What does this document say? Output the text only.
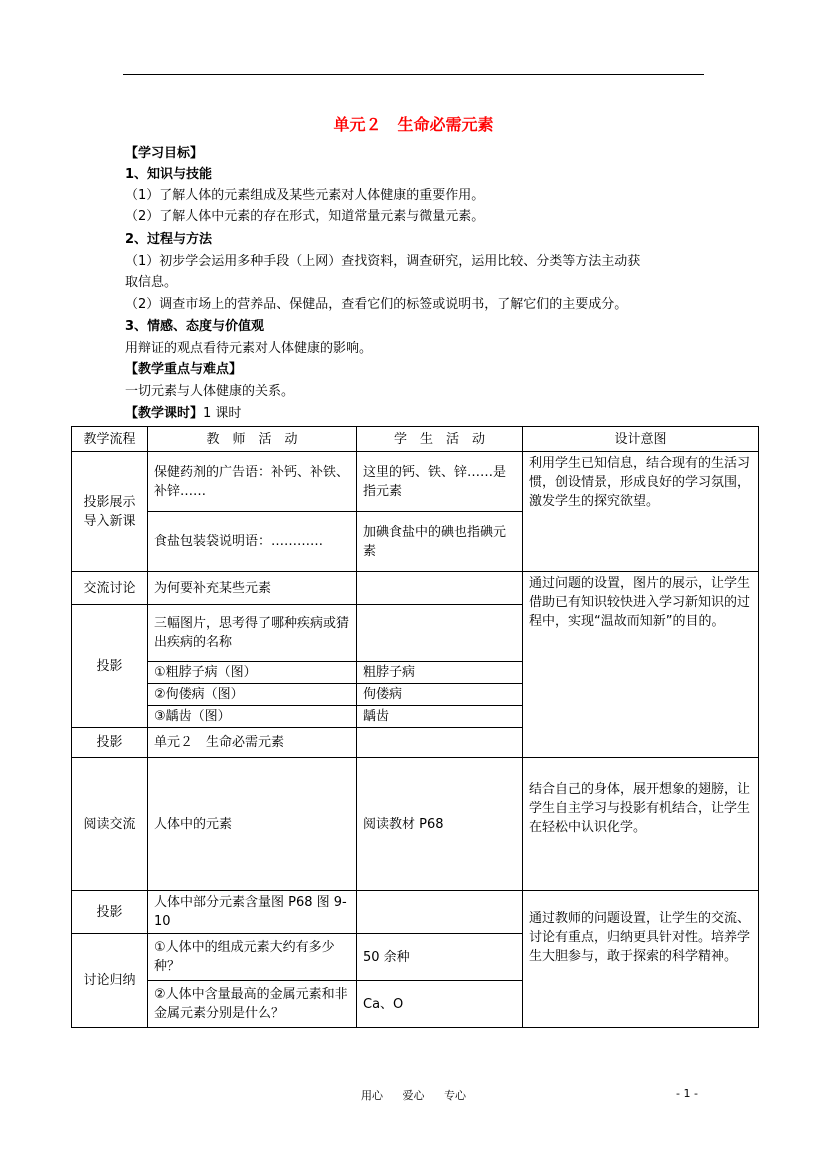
单元２　生命必需元素
【学习目标】
1、知识与技能
（1）了解人体的元素组成及某些元素对人体健康的重要作用。
（2）了解人体中元素的存在形式，知道常量元素与微量元素。
2、过程与方法
（1）初步学会运用多种手段（上网）查找资料，调查研究，运用比较、分类等方法主动获
取信息。
（2）调查市场上的营养品、保健品，查看它们的标签或说明书，了解它们的主要成分。
3、情感、态度与价值观
用辩证的观点看待元素对人体健康的影响。
【教学重点与难点】
一切元素与人体健康的关系。
【教学课时】1 课时
教学流程	教　师　活　动	学　生　活　动	设计意图
投影展示导入新课	保健药剂的广告语：补钙、补铁、补锌……	这里的钙、铁、锌……是指元素	利用学生已知信息，结合现有的生活习惯，创设情景，形成良好的学习氛围，激发学生的探究欲望。
	食盐包装袋说明语：…………	加碘食盐中的碘也指碘元素	
交流讨论	为何要补充某些元素		通过问题的设置，图片的展示，让学生借助已有知识较快进入学习新知识的过程中，实现“温故而知新”的目的。
投影	三幅图片，思考得了哪种疾病或猜出疾病的名称		
	①粗脖子病（图）	粗脖子病	
	②佝偻病（图）	佝偻病	
	③龋齿（图）	龋齿	
投影	单元２　生命必需元素		
阅读交流	人体中的元素	阅读教材 P68	结合自己的身体，展开想象的翅膀，让学生自主学习与投影有机结合，让学生在轻松中认识化学。
投影	人体中部分元素含量图 P68 图 9-10		通过教师的问题设置，让学生的交流、讨论有重点，归纳更具针对性。培养学生大胆参与，敢于探索的科学精神。
讨论归纳	①人体中的组成元素大约有多少种？	50 余种	
	②人体中含量最高的金属元素和非金属元素分别是什么？	Ca、O	
用心 爱心 专心	- 1 -
